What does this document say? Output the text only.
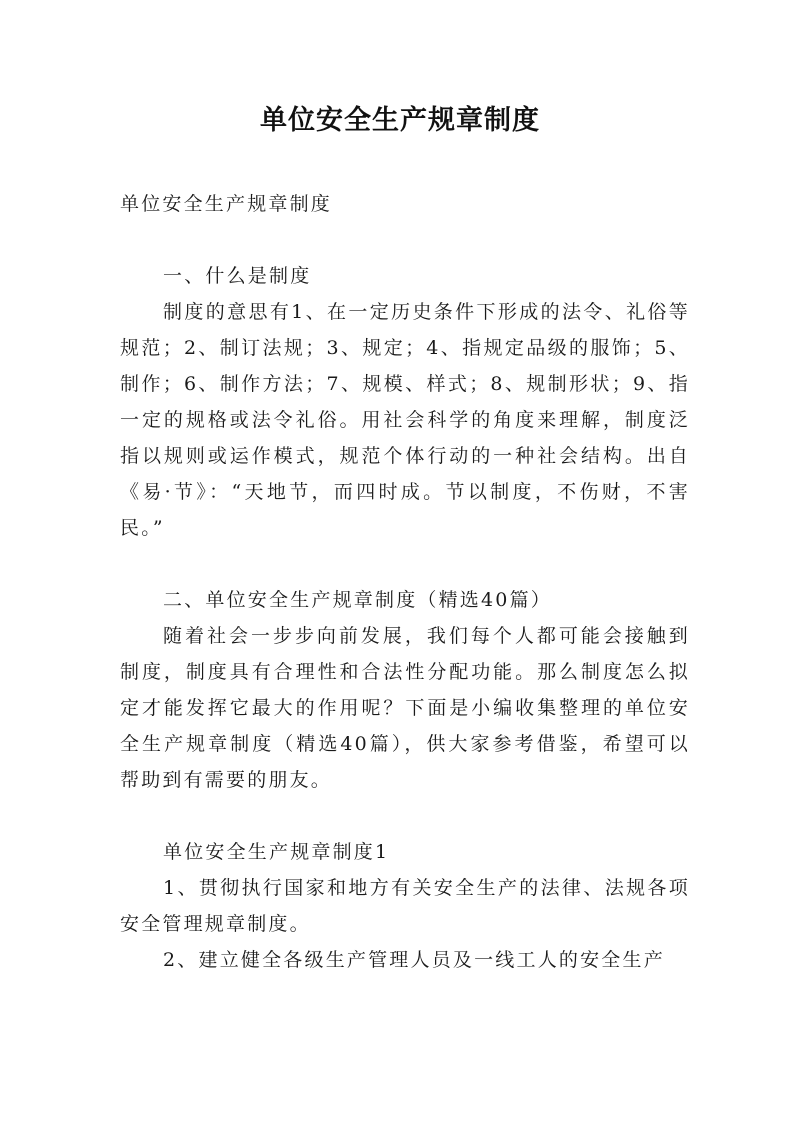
单位安全生产规章制度

单位安全生产规章制度

一、什么是制度

制度的意思有1、在一定历史条件下形成的法令、礼俗等规范；2、制订法规；3、规定；4、指规定品级的服饰；5、制作；6、制作方法；7、规模、样式；8、规制形状；9、指一定的规格或法令礼俗。用社会科学的角度来理解，制度泛指以规则或运作模式，规范个体行动的一种社会结构。出自 《易·节》：“天地节，而四时成。节以制度，不伤财，不害民。”

二、单位安全生产规章制度（精选40篇）

随着社会一步步向前发展，我们每个人都可能会接触到制度，制度具有合理性和合法性分配功能。那么制度怎么拟定才能发挥它最大的作用呢？下面是小编收集整理的单位安全生产规章制度（精选40篇），供大家参考借鉴，希望可以帮助到有需要的朋友。

单位安全生产规章制度1

1、贯彻执行国家和地方有关安全生产的法律、法规各项安全管理规章制度。

2、建立健全各级生产管理人员及一线工人的安全生产
